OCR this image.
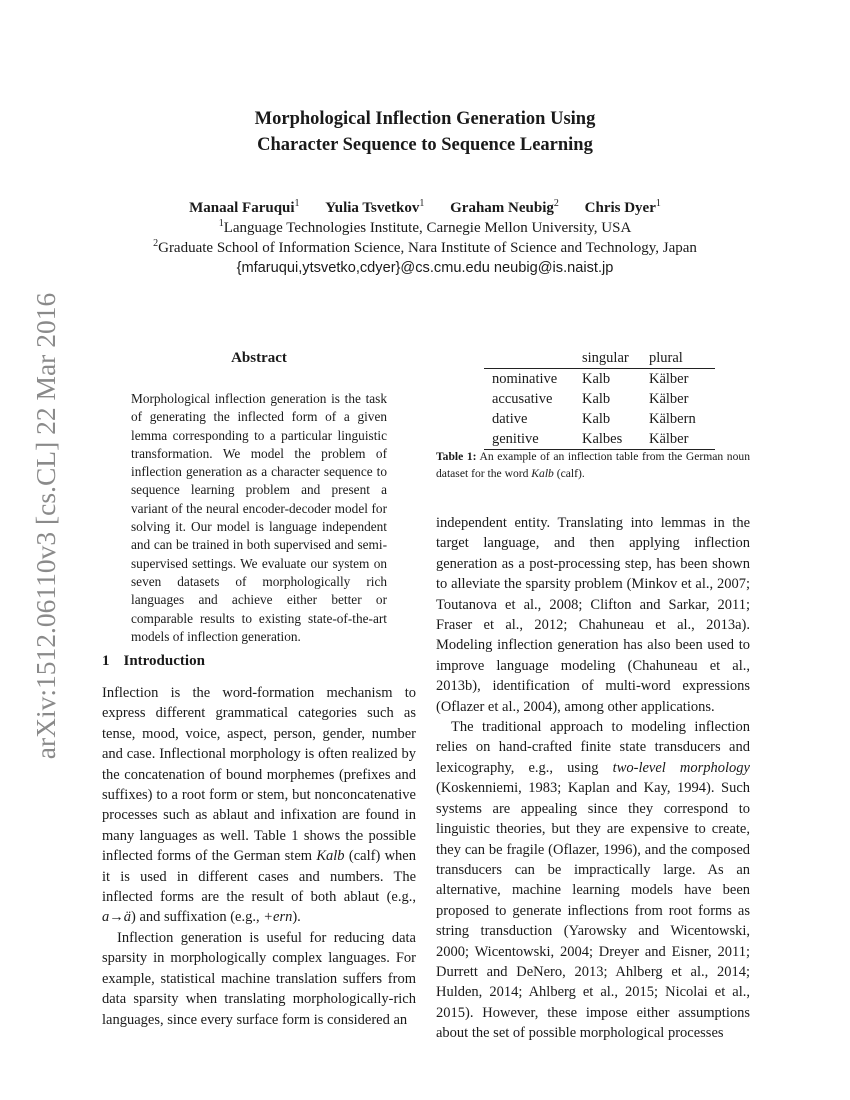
arXiv:1512.06110v3 [cs.CL] 22 Mar 2016
Morphological Inflection Generation Using
Character Sequence to Sequence Learning
Manaal Faruqui$^1$ Yulia Tsvetkov$^1$ Graham Neubig$^2$ Chris Dyer$^1$
$^1$Language Technologies Institute, Carnegie Mellon University, USA
$^2$Graduate School of Information Science, Nara Institute of Science and Technology, Japan
{mfaruqui,ytsvetko,cdyer}@cs.cmu.edu neubig@is.naist.jp
Abstract
Morphological inflection generation is the task of generating the inflected form of a given lemma corresponding to a particular linguistic transformation. We model the problem of inflection generation as a character sequence to sequence learning problem and present a variant of the neural encoder-decoder model for solving it. Our model is language independent and can be trained in both supervised and semi-supervised settings. We evaluate our system on seven datasets of morphologically rich languages and achieve either better or comparable results to existing state-of-the-art models of inflection generation.
1 Introduction

Inflection is the word-formation mechanism to express different grammatical categories such as tense, mood, voice, aspect, person, gender, number and case. Inflectional morphology is often realized by the concatenation of bound morphemes (prefixes and suffixes) to a root form or stem, but nonconcatenative processes such as ablaut and infixation are found in many languages as well. Table 1 shows the possible inflected forms of the German stem Kalb (calf) when it is used in different cases and numbers. The inflected forms are the result of both ablaut (e.g., a→ä) and suffixation (e.g., +ern).

Inflection generation is useful for reducing data sparsity in morphologically complex languages. For example, statistical machine translation suffers from data sparsity when translating morphologically-rich languages, since every surface form is considered an

	singular	plural
nominative	Kalb	Kälber
accusative	Kalb	Kälber
dative	Kalb	Kälbern
genitive	Kalbes	Kälber
Table 1: An example of an inflection table from the German noun dataset for the word Kalb (calf).

independent entity. Translating into lemmas in the target language, and then applying inflection generation as a post-processing step, has been shown to alleviate the sparsity problem (Minkov et al., 2007; Toutanova et al., 2008; Clifton and Sarkar, 2011; Fraser et al., 2012; Chahuneau et al., 2013a). Modeling inflection generation has also been used to improve language modeling (Chahuneau et al., 2013b), identification of multi-word expressions (Oflazer et al., 2004), among other applications.

The traditional approach to modeling inflection relies on hand-crafted finite state transducers and lexicography, e.g., using two-level morphology (Koskenniemi, 1983; Kaplan and Kay, 1994). Such systems are appealing since they correspond to linguistic theories, but they are expensive to create, they can be fragile (Oflazer, 1996), and the composed transducers can be impractically large. As an alternative, machine learning models have been proposed to generate inflections from root forms as string transduction (Yarowsky and Wicentowski, 2000; Wicentowski, 2004; Dreyer and Eisner, 2011; Durrett and DeNero, 2013; Ahlberg et al., 2014; Hulden, 2014; Ahlberg et al., 2015; Nicolai et al., 2015). However, these impose either assumptions about the set of possible morphological processes
